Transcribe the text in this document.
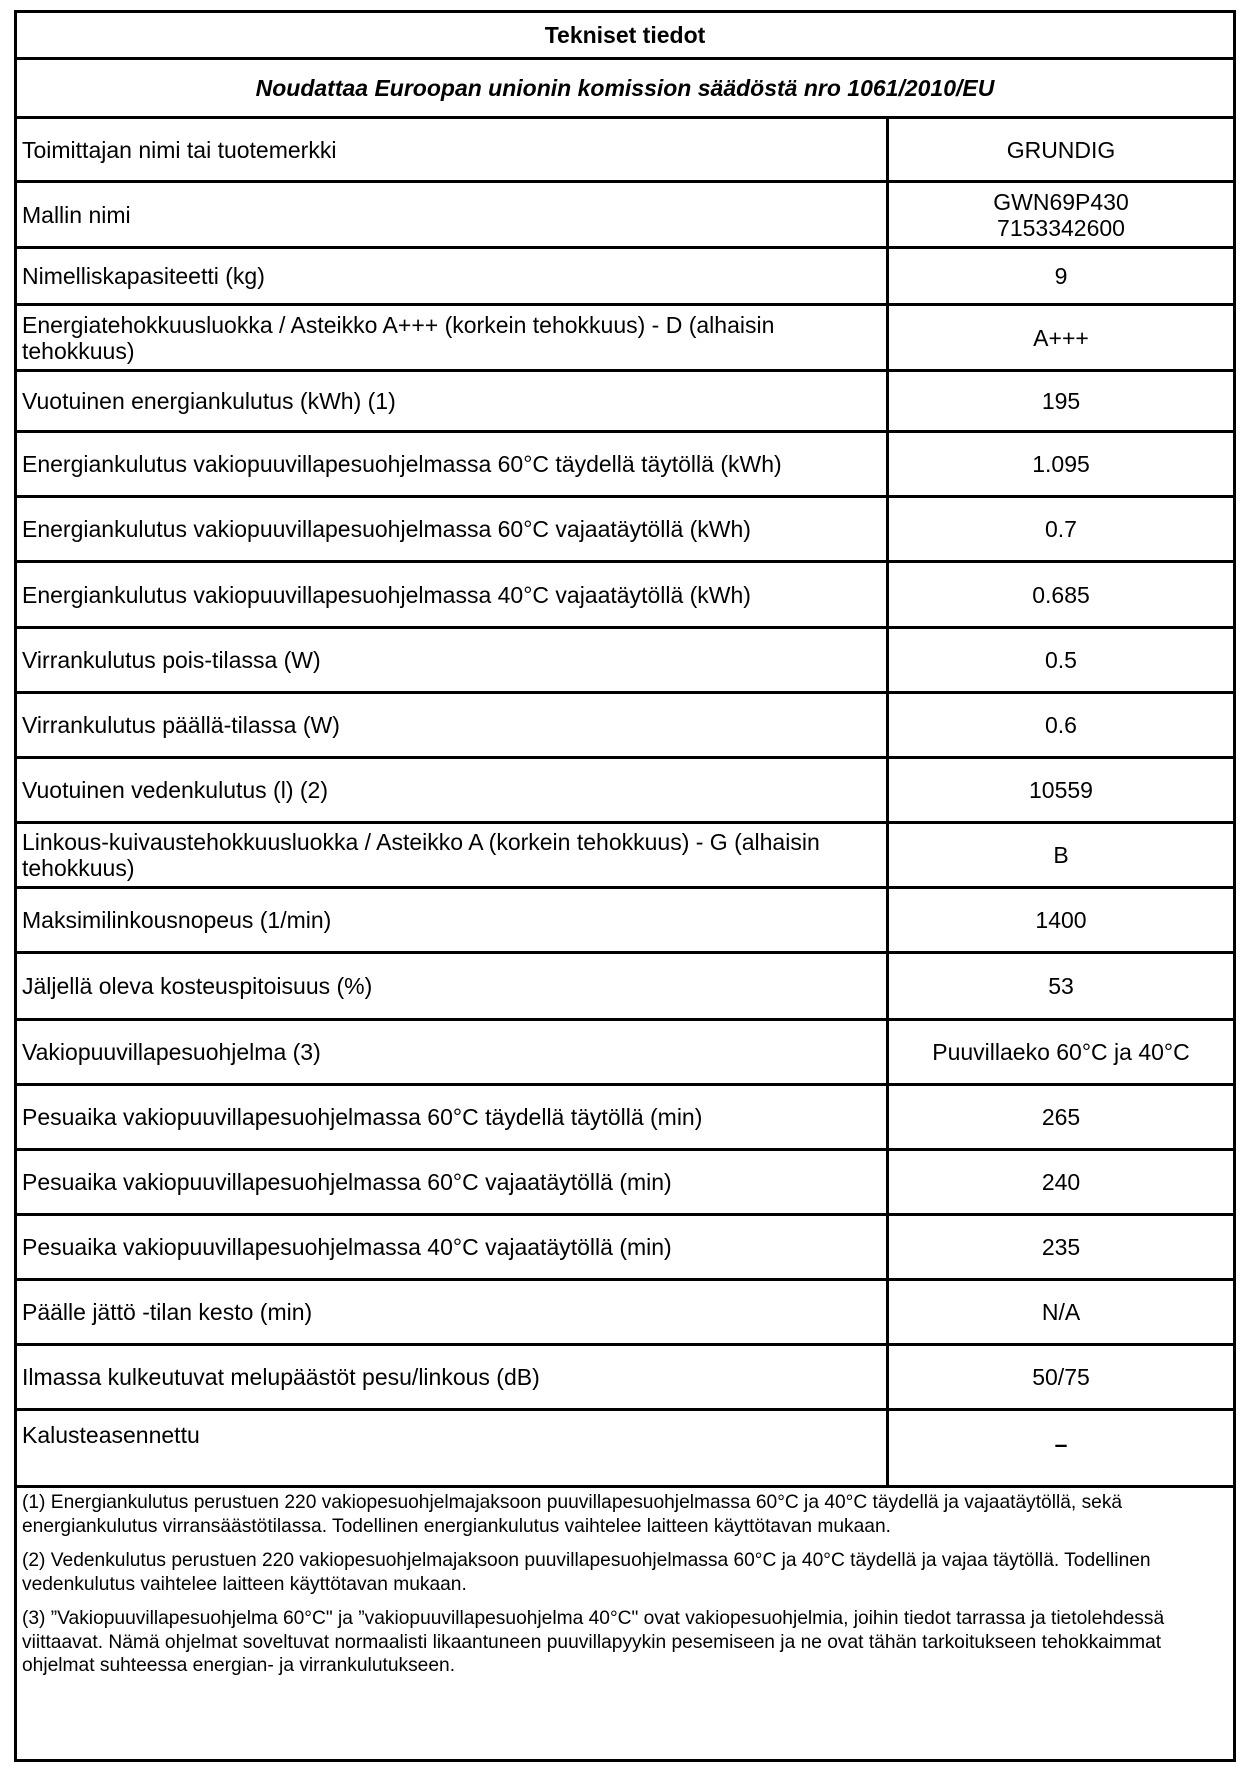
Tekniset tiedot
Noudattaa Euroopan unionin komission säädöstä nro 1061/2010/EU
Toimittajan nimi tai tuotemerkki	GRUNDIG
Mallin nimi	GWN69P430
7153342600
Nimelliskapasiteetti (kg)	9
Energiatehokkuusluokka / Asteikko A+++ (korkein tehokkuus) - D (alhaisin tehokkuus)	A+++
Vuotuinen energiankulutus (kWh) (1)	195
Energiankulutus vakiopuuvillapesuohjelmassa 60°C täydellä täytöllä (kWh)	1.095
Energiankulutus vakiopuuvillapesuohjelmassa 60°C vajaatäytöllä (kWh)	0.7
Energiankulutus vakiopuuvillapesuohjelmassa 40°C vajaatäytöllä (kWh)	0.685
Virrankulutus pois-tilassa (W)	0.5
Virrankulutus päällä-tilassa (W)	0.6
Vuotuinen vedenkulutus (l) (2)	10559
Linkous-kuivaustehokkuusluokka / Asteikko A (korkein tehokkuus) - G (alhaisin tehokkuus)	B
Maksimilinkousnopeus (1/min)	1400
Jäljellä oleva kosteuspitoisuus (%)	53
Vakiopuuvillapesuohjelma (3)	Puuvillaeko 60°C ja 40°C
Pesuaika vakiopuuvillapesuohjelmassa 60°C täydellä täytöllä (min)	265
Pesuaika vakiopuuvillapesuohjelmassa 60°C vajaatäytöllä (min)	240
Pesuaika vakiopuuvillapesuohjelmassa 40°C vajaatäytöllä (min)	235
Päälle jättö -tilan kesto (min)	N/A
Ilmassa kulkeutuvat melupäästöt pesu/linkous (dB)	50/75
Kalusteasennettu	–

(1) Energiankulutus perustuen 220 vakiopesuohjelmajaksoon puuvillapesuohjelmassa 60°C ja 40°C täydellä ja vajaatäytöllä, sekä energiankulutus virransäästötilassa. Todellinen energiankulutus vaihtelee laitteen käyttötavan mukaan.

(2) Vedenkulutus perustuen 220 vakiopesuohjelmajaksoon puuvillapesuohjelmassa 60°C ja 40°C täydellä ja vajaa täytöllä. Todellinen vedenkulutus vaihtelee laitteen käyttötavan mukaan.

(3) ”Vakiopuuvillapesuohjelma 60°C" ja ”vakiopuuvillapesuohjelma 40°C" ovat vakiopesuohjelmia, joihin tiedot tarrassa ja tietolehdessä viittaavat. Nämä ohjelmat soveltuvat normaalisti likaantuneen puuvillapyykin pesemiseen ja ne ovat tähän tarkoitukseen tehokkaimmat ohjelmat suhteessa energian- ja virrankulutukseen.
